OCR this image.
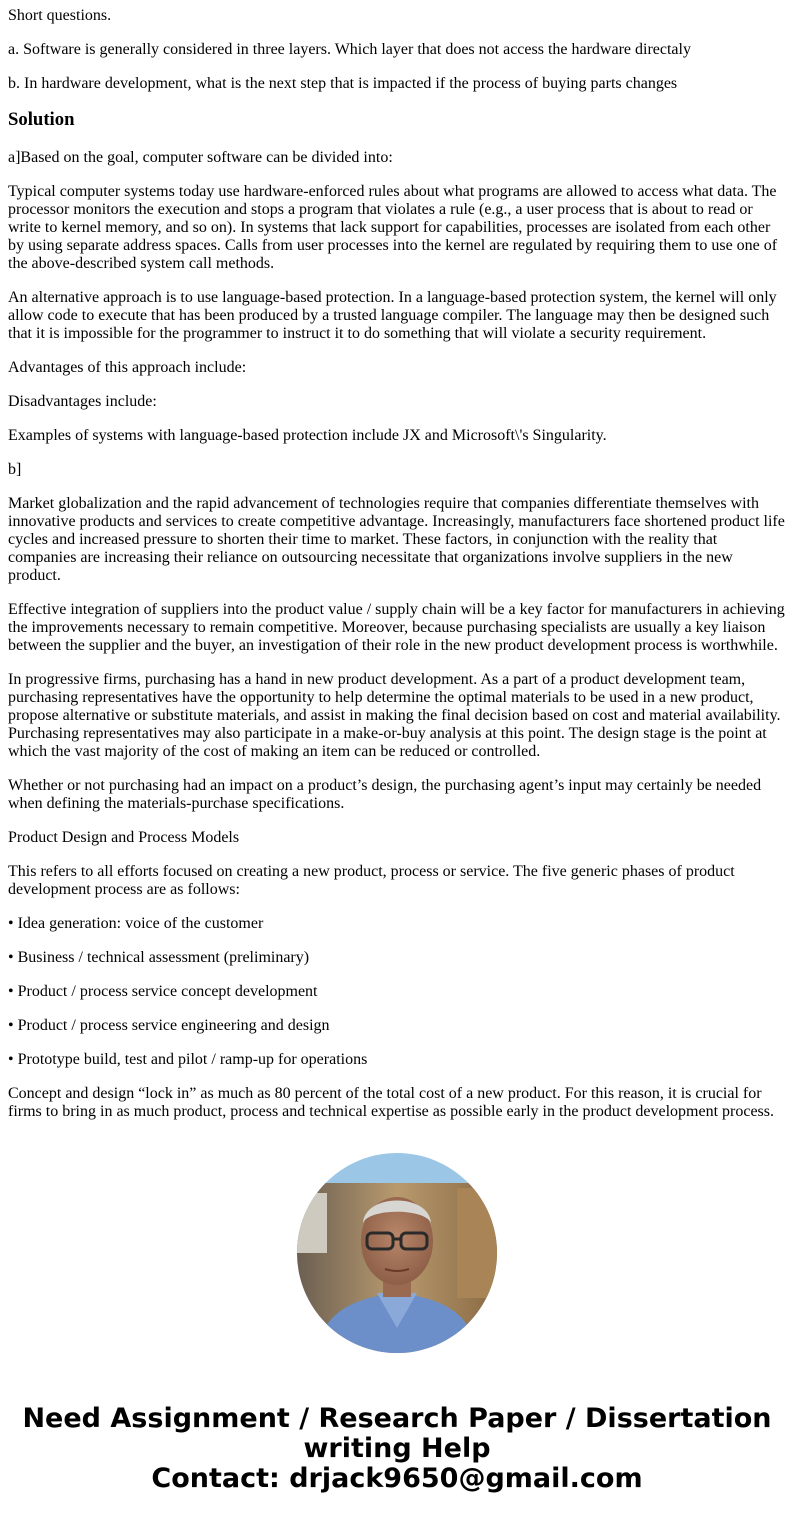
Short questions.

a. Software is generally considered in three layers. Which layer that does not access the hardware directaly

b. In hardware development, what is the next step that is impacted if the process of buying parts changes

Solution

a]Based on the goal, computer software can be divided into:

Typical computer systems today use hardware-enforced rules about what programs are allowed to access what data. The processor monitors the execution and stops a program that violates a rule (e.g., a user process that is about to read or write to kernel memory, and so on). In systems that lack support for capabilities, processes are isolated from each other by using separate address spaces. Calls from user processes into the kernel are regulated by requiring them to use one of the above-described system call methods.

An alternative approach is to use language-based protection. In a language-based protection system, the kernel will only allow code to execute that has been produced by a trusted language compiler. The language may then be designed such that it is impossible for the programmer to instruct it to do something that will violate a security requirement.

Advantages of this approach include:

Disadvantages include:

Examples of systems with language-based protection include JX and Microsoft\'s Singularity.

b]

Market globalization and the rapid advancement of technologies require that companies differentiate themselves with innovative products and services to create competitive advantage. Increasingly, manufacturers face shortened product life cycles and increased pressure to shorten their time to market. These factors, in conjunction with the reality that companies are increasing their reliance on outsourcing necessitate that organizations involve suppliers in the new product.

Effective integration of suppliers into the product value / supply chain will be a key factor for manufacturers in achieving the improvements necessary to remain competitive. Moreover, because purchasing specialists are usually a key liaison between the supplier and the buyer, an investigation of their role in the new product development process is worthwhile.

In progressive firms, purchasing has a hand in new product development. As a part of a product development team, purchasing representatives have the opportunity to help determine the optimal materials to be used in a new product, propose alternative or substitute materials, and assist in making the final decision based on cost and material availability. Purchasing representatives may also participate in a make-or-buy analysis at this point. The design stage is the point at which the vast majority of the cost of making an item can be reduced or controlled.

Whether or not purchasing had an impact on a product’s design, the purchasing agent’s input may certainly be needed when defining the materials-purchase specifications.

Product Design and Process Models

This refers to all efforts focused on creating a new product, process or service. The five generic phases of product development process are as follows:

• Idea generation: voice of the customer

• Business / technical assessment (preliminary)

• Product / process service concept development

• Product / process service engineering and design

• Prototype build, test and pilot / ramp-up for operations

Concept and design “lock in” as much as 80 percent of the total cost of a new product. For this reason, it is crucial for firms to bring in as much product, process and technical expertise as possible early in the product development process.

Need Assignment / Research Paper / Dissertation
writing Help
Contact: drjack9650@gmail.com
